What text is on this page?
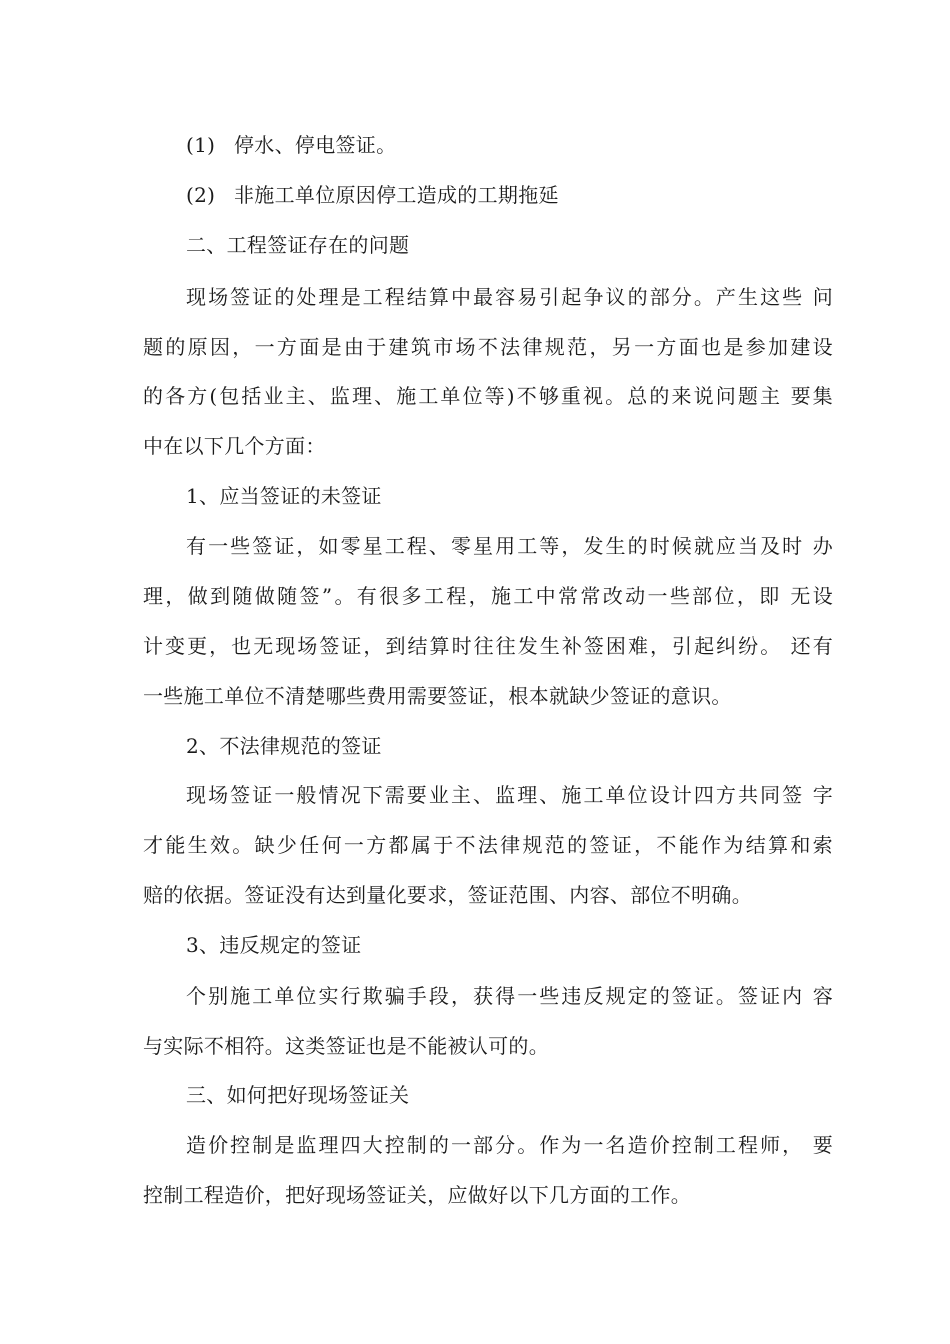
(1) 停水、停电签证。
(2) 非施工单位原因停工造成的工期拖延
二、工程签证存在的问题
现场签证的处理是工程结算中最容易引起争议的部分。产生这些 问
题的原因，一方面是由于建筑市场不法律规范，另一方面也是参加建设
的各方(包括业主、监理、施工单位等)不够重视。总的来说问题主 要集
中在以下几个方面：
1、应当签证的未签证
有一些签证，如零星工程、零星用工等，发生的时候就应当及时 办
理，做到随做随签”。有很多工程，施工中常常改动一些部位，即 无设
计变更，也无现场签证，到结算时往往发生补签困难，引起纠纷。 还有
一些施工单位不清楚哪些费用需要签证，根本就缺少签证的意识。
2、不法律规范的签证
现场签证一般情况下需要业主、监理、施工单位设计四方共同签 字
才能生效。缺少任何一方都属于不法律规范的签证，不能作为结算和索
赔的依据。签证没有达到量化要求，签证范围、内容、部位不明确。
3、违反规定的签证
个别施工单位实行欺骗手段，获得一些违反规定的签证。签证内 容
与实际不相符。这类签证也是不能被认可的。
三、如何把好现场签证关
造价控制是监理四大控制的一部分。作为一名造价控制工程师， 要
控制工程造价，把好现场签证关，应做好以下几方面的工作。
